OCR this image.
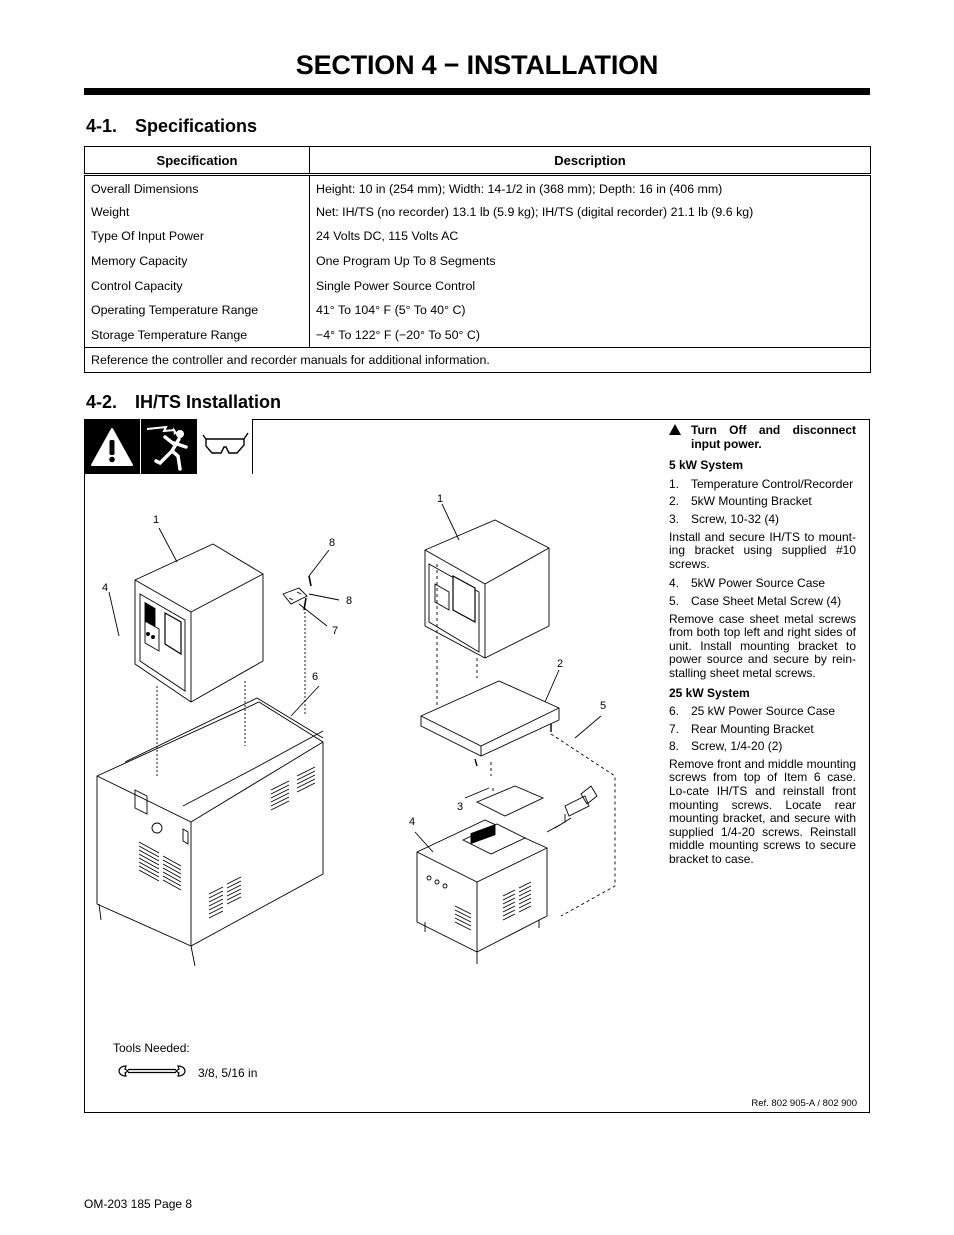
SECTION 4 − INSTALLATION
4-1. Specifications
Specification	Description
Overall Dimensions	Height: 10 in (254 mm); Width: 14-1/2 in (368 mm); Depth: 16 in (406 mm)
Weight	Net: IH/TS (no recorder) 13.1 lb (5.9 kg); IH/TS (digital recorder) 21.1 lb (9.6 kg)
Type Of Input Power	24 Volts DC, 115 Volts AC
Memory Capacity	One Program Up To 8 Segments
Control Capacity	Single Power Source Control
Operating Temperature Range	41° To 104° F (5° To 40° C)
Storage Temperature Range	−4° To 122° F (−20° To 50° C)
Reference the controller and recorder manuals for additional information.	
4-2. IH/TS Installation
1
4
8
8
7
6
1
2
5
3
4
Turn Off and disconnect input power.
5 kW System
1. Temperature Control/Recorder
2. 5kW Mounting Bracket
3. Screw, 10-32 (4)

Install and secure IH/TS to mount-ing bracket using supplied #10 screws.

4. 5kW Power Source Case
5. Case Sheet Metal Screw (4)

Remove case sheet metal screws from both top left and right sides of unit. Install mounting bracket to power source and secure by rein-stalling sheet metal screws.

25 kW System
6. 25 kW Power Source Case
7. Rear Mounting Bracket
8. Screw, 1/4-20 (2)

Remove front and middle mounting screws from top of Item 6 case. Lo-cate IH/TS and reinstall front mounting screws. Locate rear mounting bracket, and secure with supplied 1/4-20 screws. Reinstall middle mounting screws to secure bracket to case.

Tools Needed:
3/8, 5/16 in
Ref. 802 905-A / 802 900
OM-203 185 Page 8
